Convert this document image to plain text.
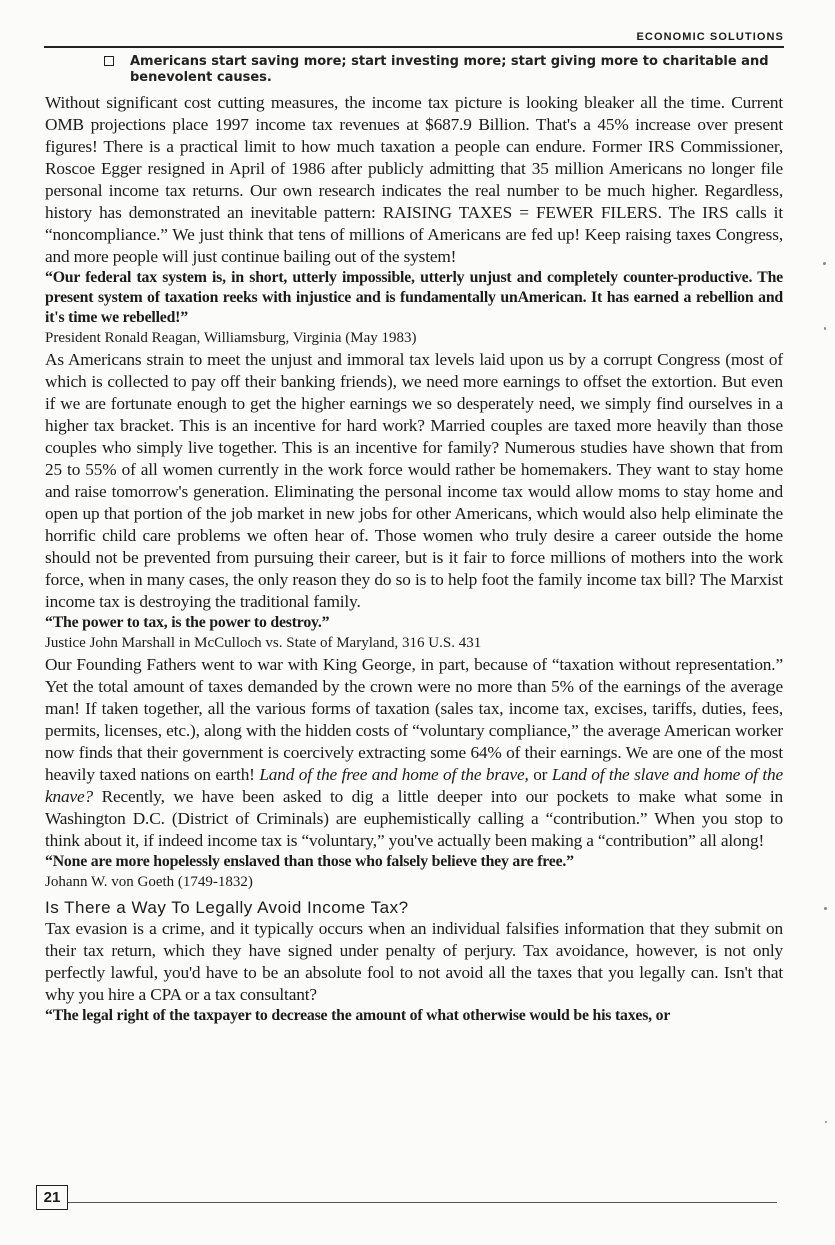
ECONOMIC SOLUTIONS
Americans start saving more; start investing more; start giving more to charitable and benevolent causes.

Without significant cost cutting measures, the income tax picture is looking bleaker all the time. Current OMB projections place 1997 income tax revenues at $687.9 Billion. That's a 45% increase over present figures! There is a practical limit to how much taxation a people can endure. Former IRS Commissioner, Roscoe Egger resigned in April of 1986 after publicly admitting that 35 million Americans no longer file personal income tax returns. Our own research indicates the real number to be much higher. Regardless, history has demonstrated an inevitable pattern: RAISING TAXES = FEWER FILERS. The IRS calls it “noncompliance.” We just think that tens of millions of Americans are fed up! Keep raising taxes Congress, and more people will just continue bailing out of the system!

“Our federal tax system is, in short, utterly impossible, utterly unjust and completely counter-productive. The present system of taxation reeks with injustice and is fundamentally unAmerican. It has earned a rebellion and it's time we rebelled!”

President Ronald Reagan, Williamsburg, Virginia (May 1983)

As Americans strain to meet the unjust and immoral tax levels laid upon us by a corrupt Congress (most of which is collected to pay off their banking friends), we need more earnings to offset the extortion. But even if we are fortunate enough to get the higher earnings we so desperately need, we simply find ourselves in a higher tax bracket. This is an incentive for hard work? Married couples are taxed more heavily than those couples who simply live together. This is an incentive for family? Numerous studies have shown that from 25 to 55% of all women currently in the work force would rather be homemakers. They want to stay home and raise tomorrow's generation. Eliminating the personal income tax would allow moms to stay home and open up that portion of the job market in new jobs for other Americans, which would also help eliminate the horrific child care problems we often hear of. Those women who truly desire a career outside the home should not be prevented from pursuing their career, but is it fair to force millions of mothers into the work force, when in many cases, the only reason they do so is to help foot the family income tax bill? The Marxist income tax is destroying the traditional family.

“The power to tax, is the power to destroy.”

Justice John Marshall in McCulloch vs. State of Maryland, 316 U.S. 431

Our Founding Fathers went to war with King George, in part, because of “taxation without representation.” Yet the total amount of taxes demanded by the crown were no more than 5% of the earnings of the average man! If taken together, all the various forms of taxation (sales tax, income tax, excises, tariffs, duties, fees, permits, licenses, etc.), along with the hidden costs of “voluntary compliance,” the average American worker now finds that their government is coercively extracting some 64% of their earnings. We are one of the most heavily taxed nations on earth! Land of the free and home of the brave, or Land of the slave and home of the knave? Recently, we have been asked to dig a little deeper into our pockets to make what some in Washington D.C. (District of Criminals) are euphemistically calling a “contribution.” When you stop to think about it, if indeed income tax is “voluntary,” you've actually been making a “contribution” all along!

“None are more hopelessly enslaved than those who falsely believe they are free.”

Johann W. von Goeth (1749-1832)

Is There a Way To Legally Avoid Income Tax?

Tax evasion is a crime, and it typically occurs when an individual falsifies information that they submit on their tax return, which they have signed under penalty of perjury. Tax avoidance, however, is not only perfectly lawful, you'd have to be an absolute fool to not avoid all the taxes that you legally can. Isn't that why you hire a CPA or a tax consultant?

“The legal right of the taxpayer to decrease the amount of what otherwise would be his taxes, or

21
